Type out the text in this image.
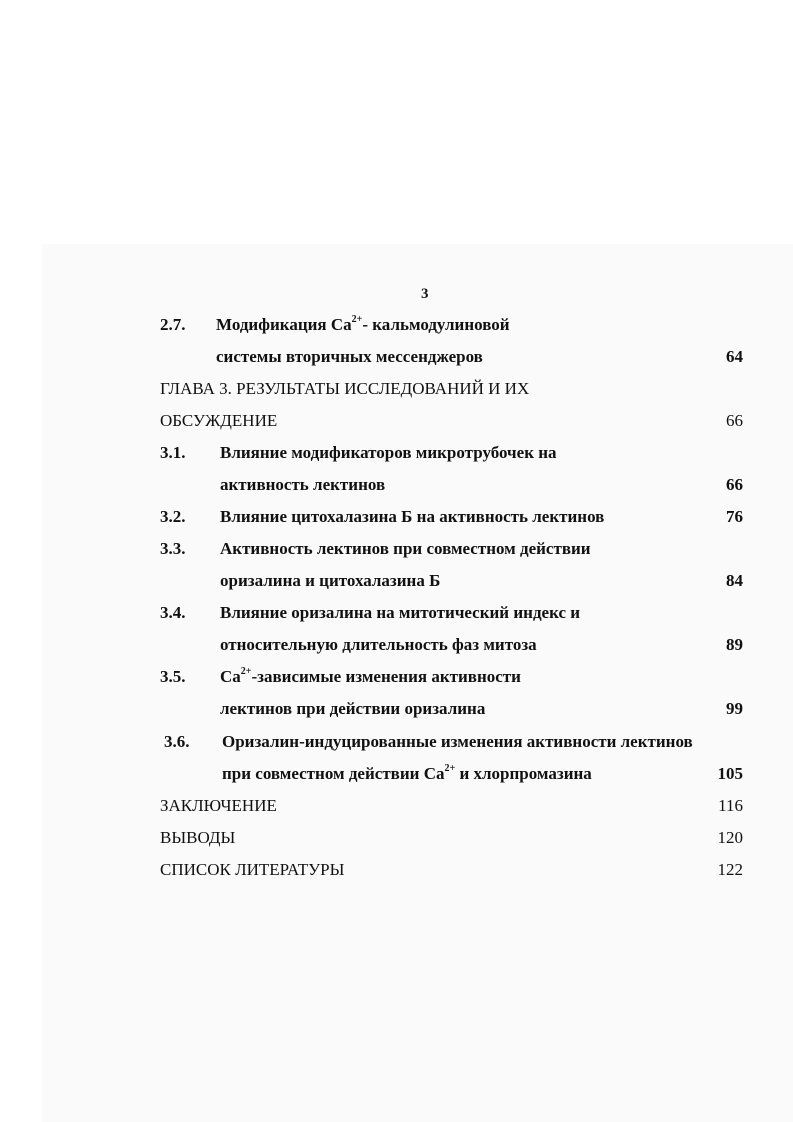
3
2.7. Модификация $Ca^{2+}-$ кальмодулиновой
системы вторичных мессенджеров	64
ГЛАВА 3. РЕЗУЛЬТАТЫ ИССЛЕДОВАНИЙ И ИХ
ОБСУЖДЕНИЕ	66
3.1. Влияние модификаторов микротрубочек на
активность лектинов	66
3.2. Влияние цитохалазина Б на активность лектинов	76
3.3. Активность лектинов при совместном действии
оризалина и цитохалазина Б	84
3.4. Влияние оризалина на митотический индекс и
относительную длительность фаз митоза	89
3.5. $Ca^{2+}$-зависимые изменения активности
лектинов при действии оризалина	99
3.6. Оризалин-индуцированные изменения активности лектинов
при совместном действии $Ca^{2+}$ и хлорпромазина	105
ЗАКЛЮЧЕНИЕ	116
ВЫВОДЫ	120
СПИСОК ЛИТЕРАТУРЫ	122
